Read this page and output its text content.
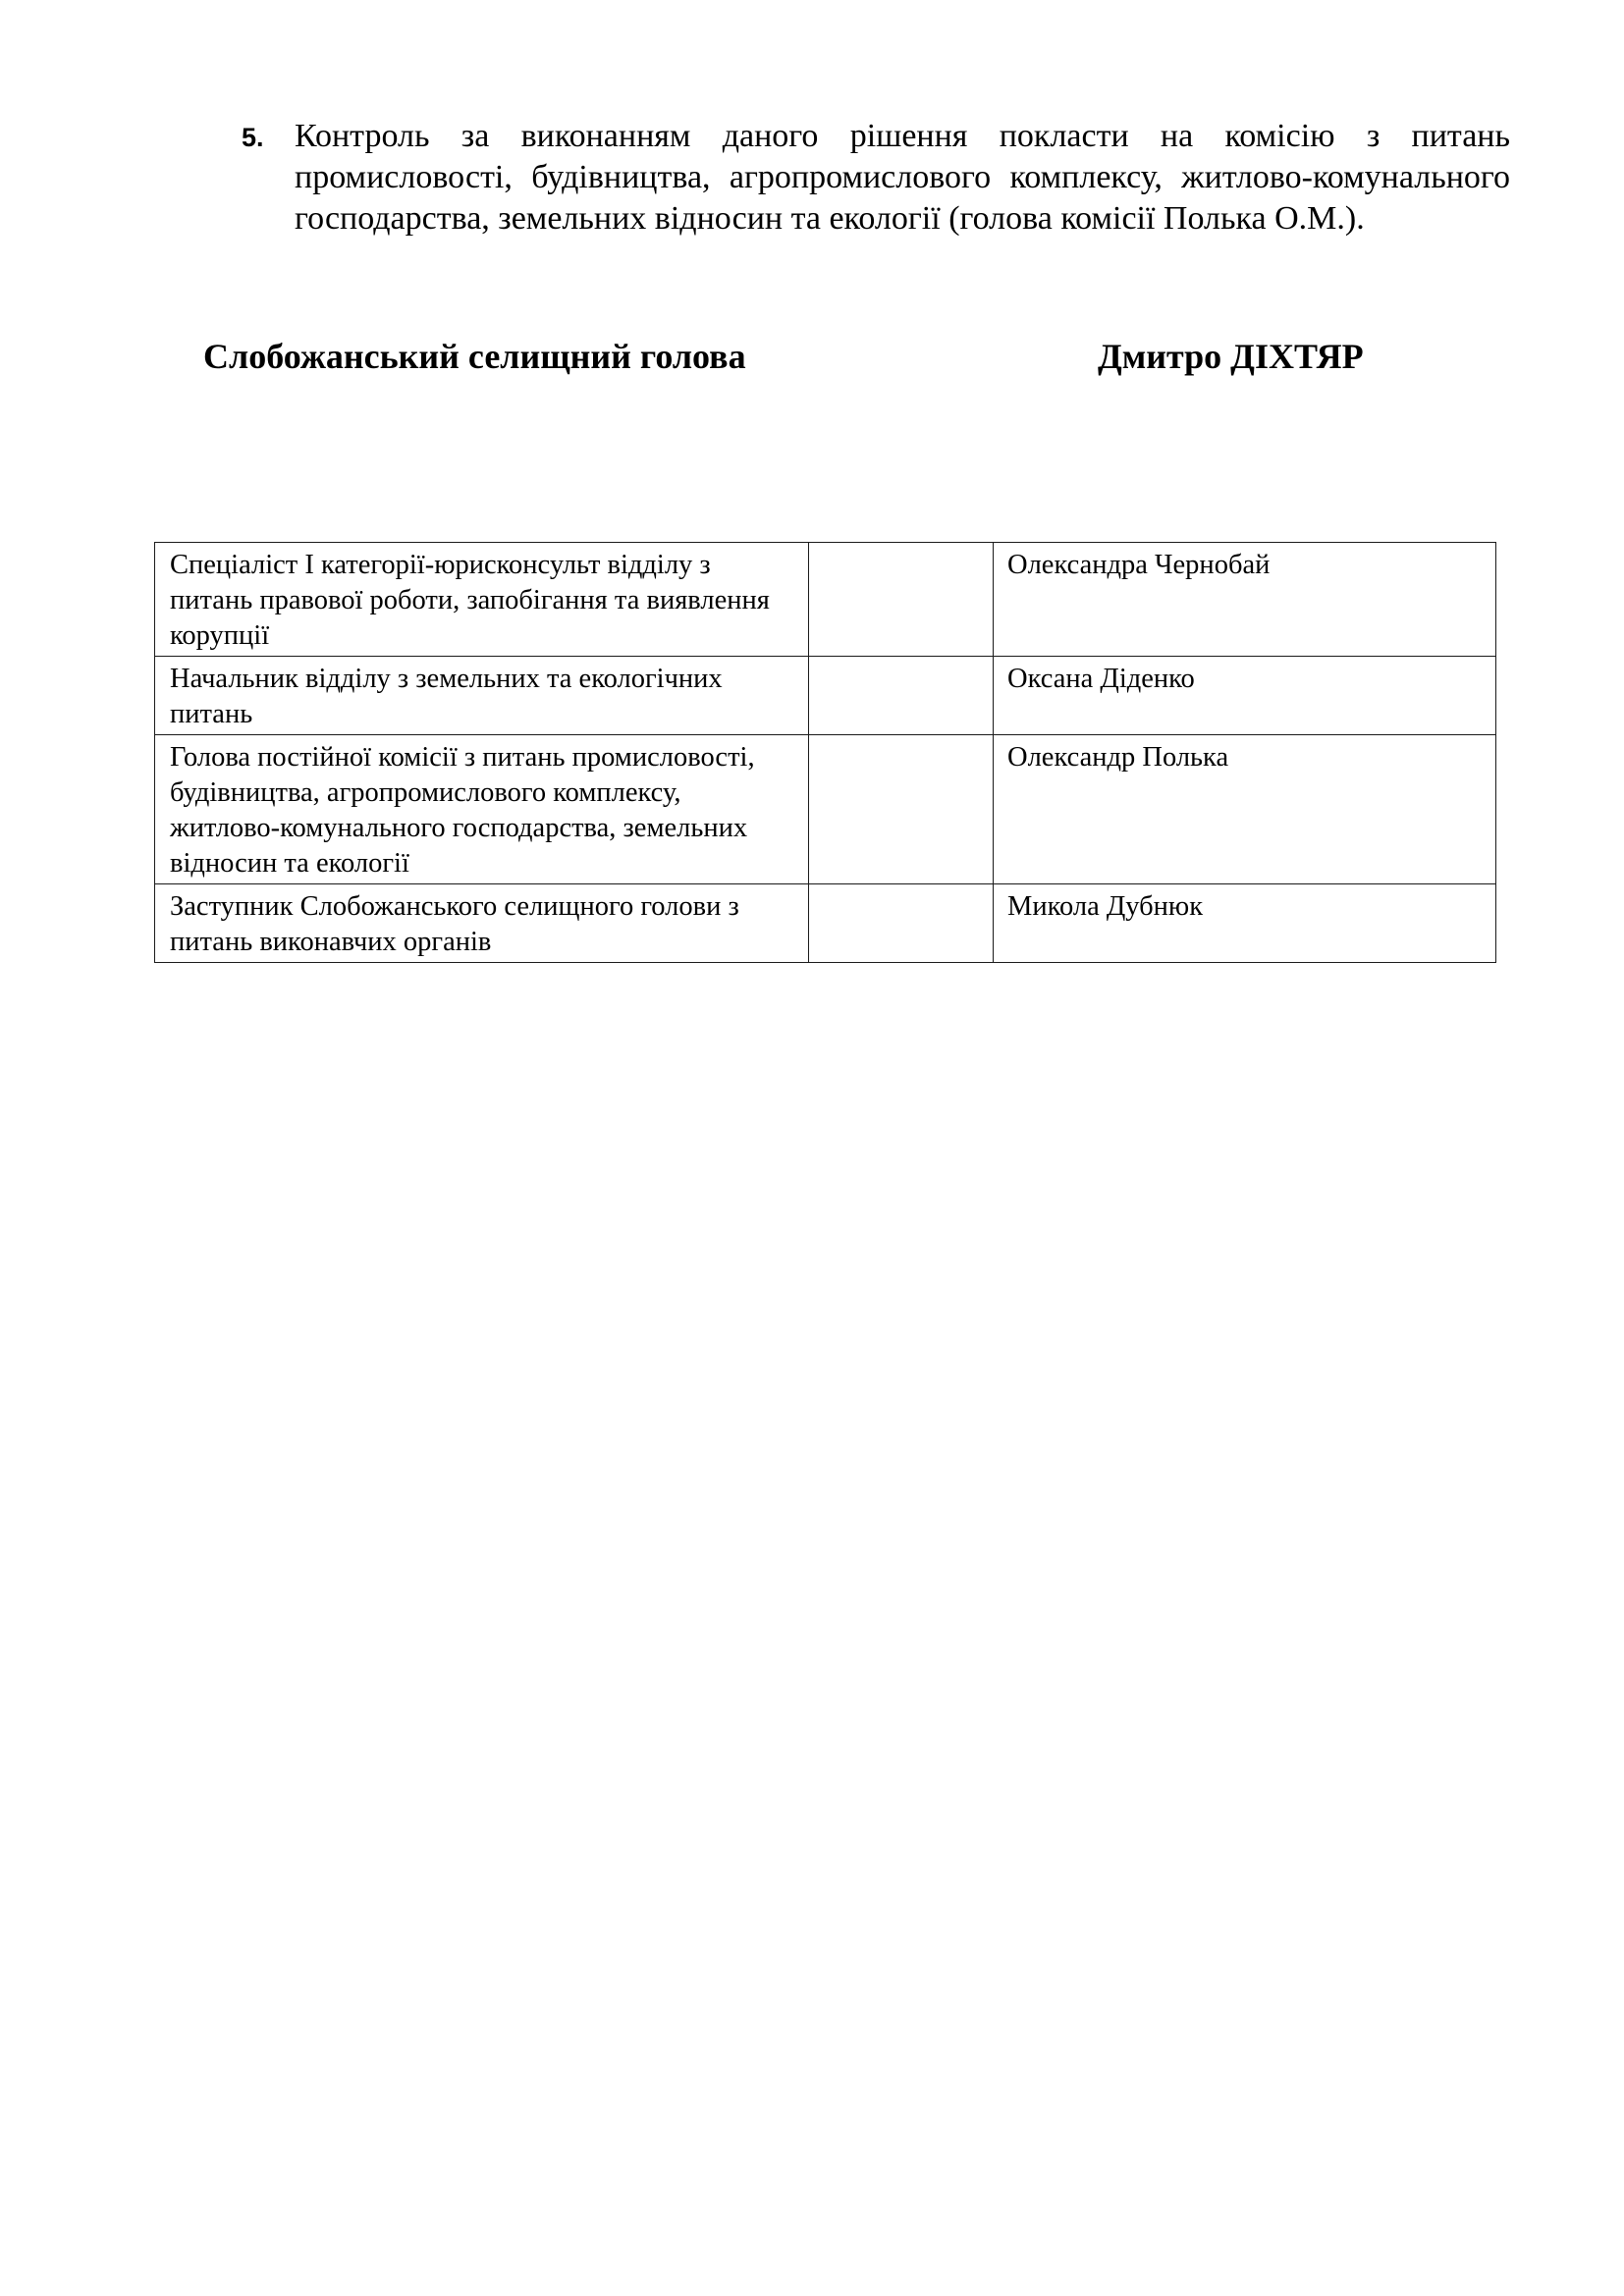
5. Контроль за виконанням даного рішення покласти на комісію з питань промисловості, будівництва, агропромислового комплексу, житлово-комунального господарства, земельних відносин та екології (голова комісії Полька О.М.).
Слобожанський селищний голова	Дмитро ДІХТЯР
Спеціаліст І категорії-юрисконсульт відділу з питань правової роботи, запобігання та виявлення корупції		Олександра Чернобай
Начальник відділу з земельних та екологічних питань		Оксана Діденко
Голова постійної комісії з питань промисловості, будівництва, агропромислового комплексу, житлово-комунального господарства, земельних відносин та екології		Олександр Полька
Заступник Слобожанського селищного голови з питань виконавчих органів		Микола Дубнюк
